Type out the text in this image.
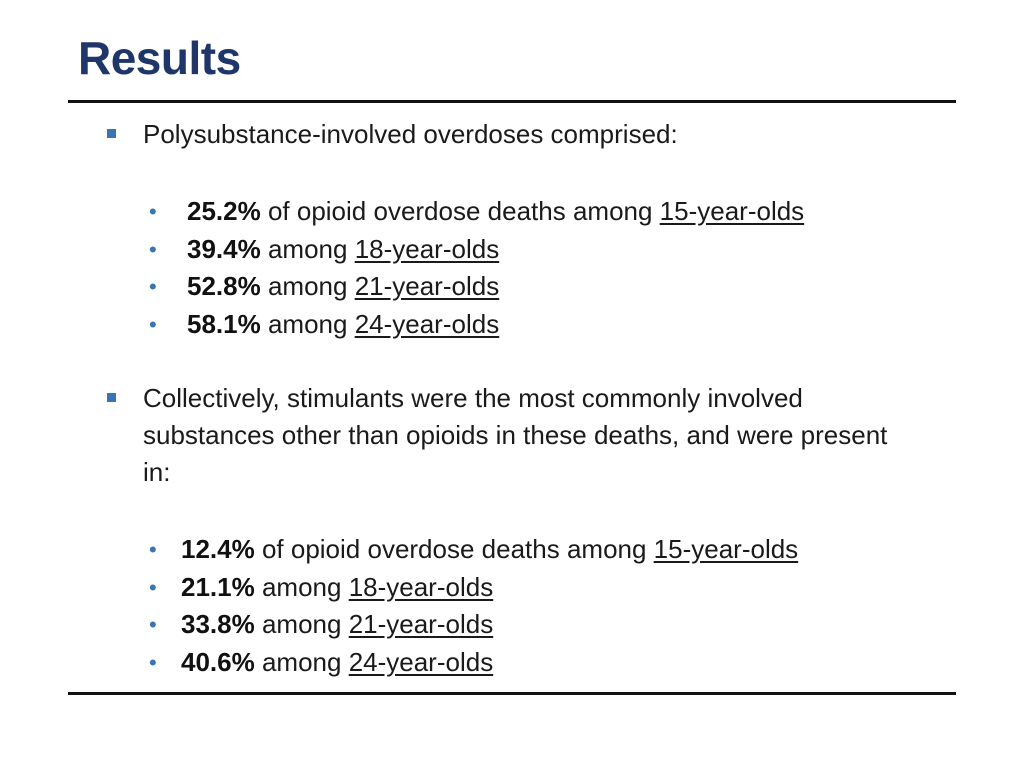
Results
Polysubstance-involved overdoses comprised:
• 25.2% of opioid overdose deaths among 15-year-olds
• 39.4% among 18-year-olds
• 52.8% among 21-year-olds
• 58.1% among 24-year-olds
Collectively, stimulants were the most commonly involved substances other than opioids in these deaths, and were present in:
• 12.4% of opioid overdose deaths among 15-year-olds
• 21.1% among 18-year-olds
• 33.8% among 21-year-olds
• 40.6% among 24-year-olds
